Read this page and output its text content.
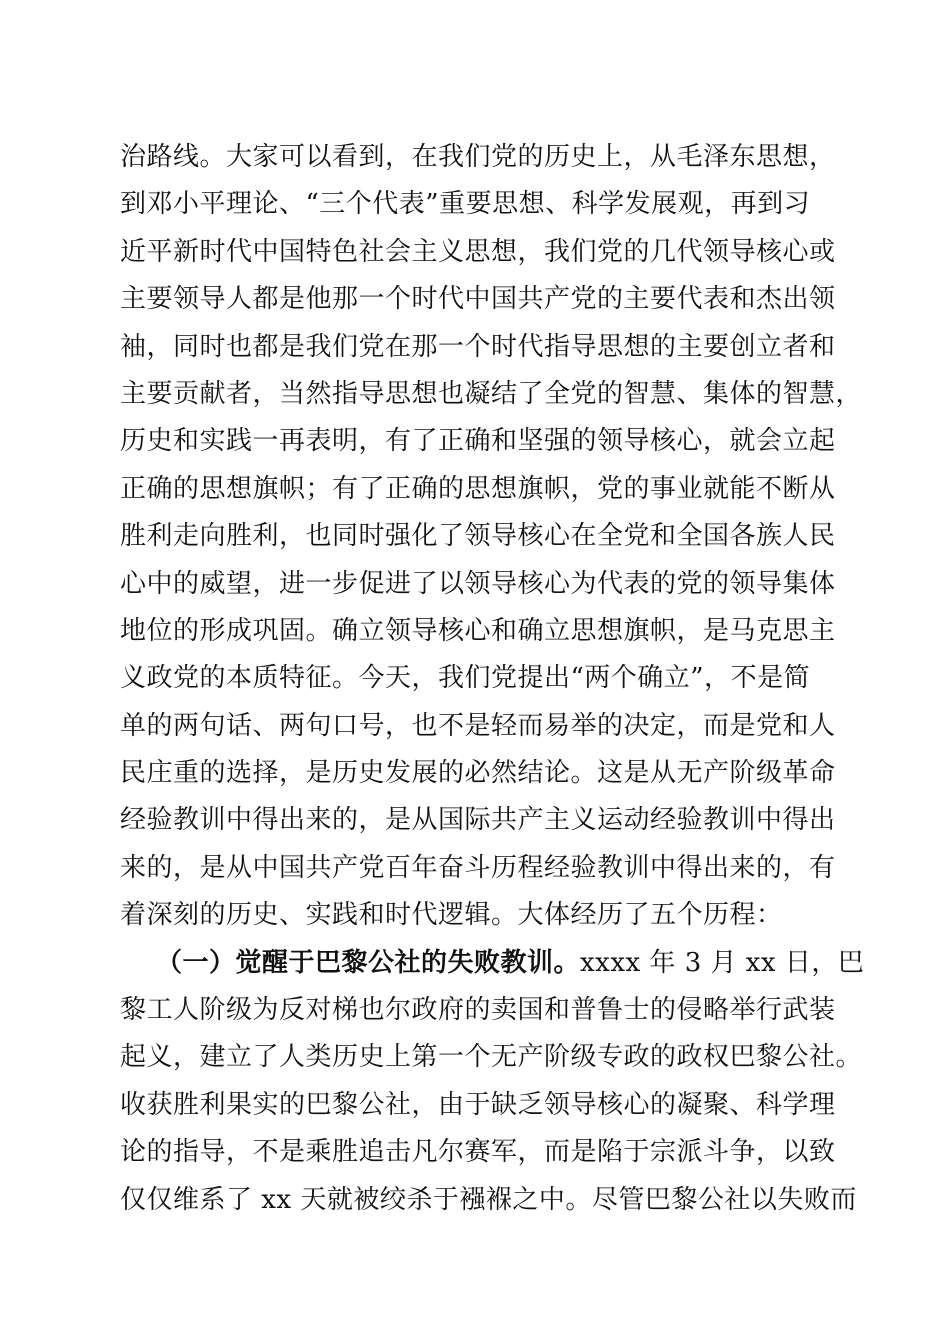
治路线。大家可以看到，在我们党的历史上，从毛泽东思想，
到邓小平理论、“三个代表”重要思想、科学发展观，再到习
近平新时代中国特色社会主义思想，我们党的几代领导核心或
主要领导人都是他那一个时代中国共产党的主要代表和杰出领
袖，同时也都是我们党在那一个时代指导思想的主要创立者和
主要贡献者，当然指导思想也凝结了全党的智慧、集体的智慧，
历史和实践一再表明，有了正确和坚强的领导核心，就会立起
正确的思想旗帜；有了正确的思想旗帜，党的事业就能不断从
胜利走向胜利，也同时强化了领导核心在全党和全国各族人民
心中的威望，进一步促进了以领导核心为代表的党的领导集体
地位的形成巩固。确立领导核心和确立思想旗帜，是马克思主
义政党的本质特征。今天，我们党提出“两个确立”，不是简
单的两句话、两句口号，也不是轻而易举的决定，而是党和人
民庄重的选择，是历史发展的必然结论。这是从无产阶级革命
经验教训中得出来的，是从国际共产主义运动经验教训中得出
来的，是从中国共产党百年奋斗历程经验教训中得出来的，有
着深刻的历史、实践和时代逻辑。大体经历了五个历程：
（一）觉醒于巴黎公社的失败教训。xxxx 年 3 月 xx 日，巴
黎工人阶级为反对梯也尔政府的卖国和普鲁士的侵略举行武装
起义，建立了人类历史上第一个无产阶级专政的政权巴黎公社。
收获胜利果实的巴黎公社，由于缺乏领导核心的凝聚、科学理
论的指导，不是乘胜追击凡尔赛军，而是陷于宗派斗争，以致
仅仅维系了 xx 天就被绞杀于襁褓之中。尽管巴黎公社以失败而
